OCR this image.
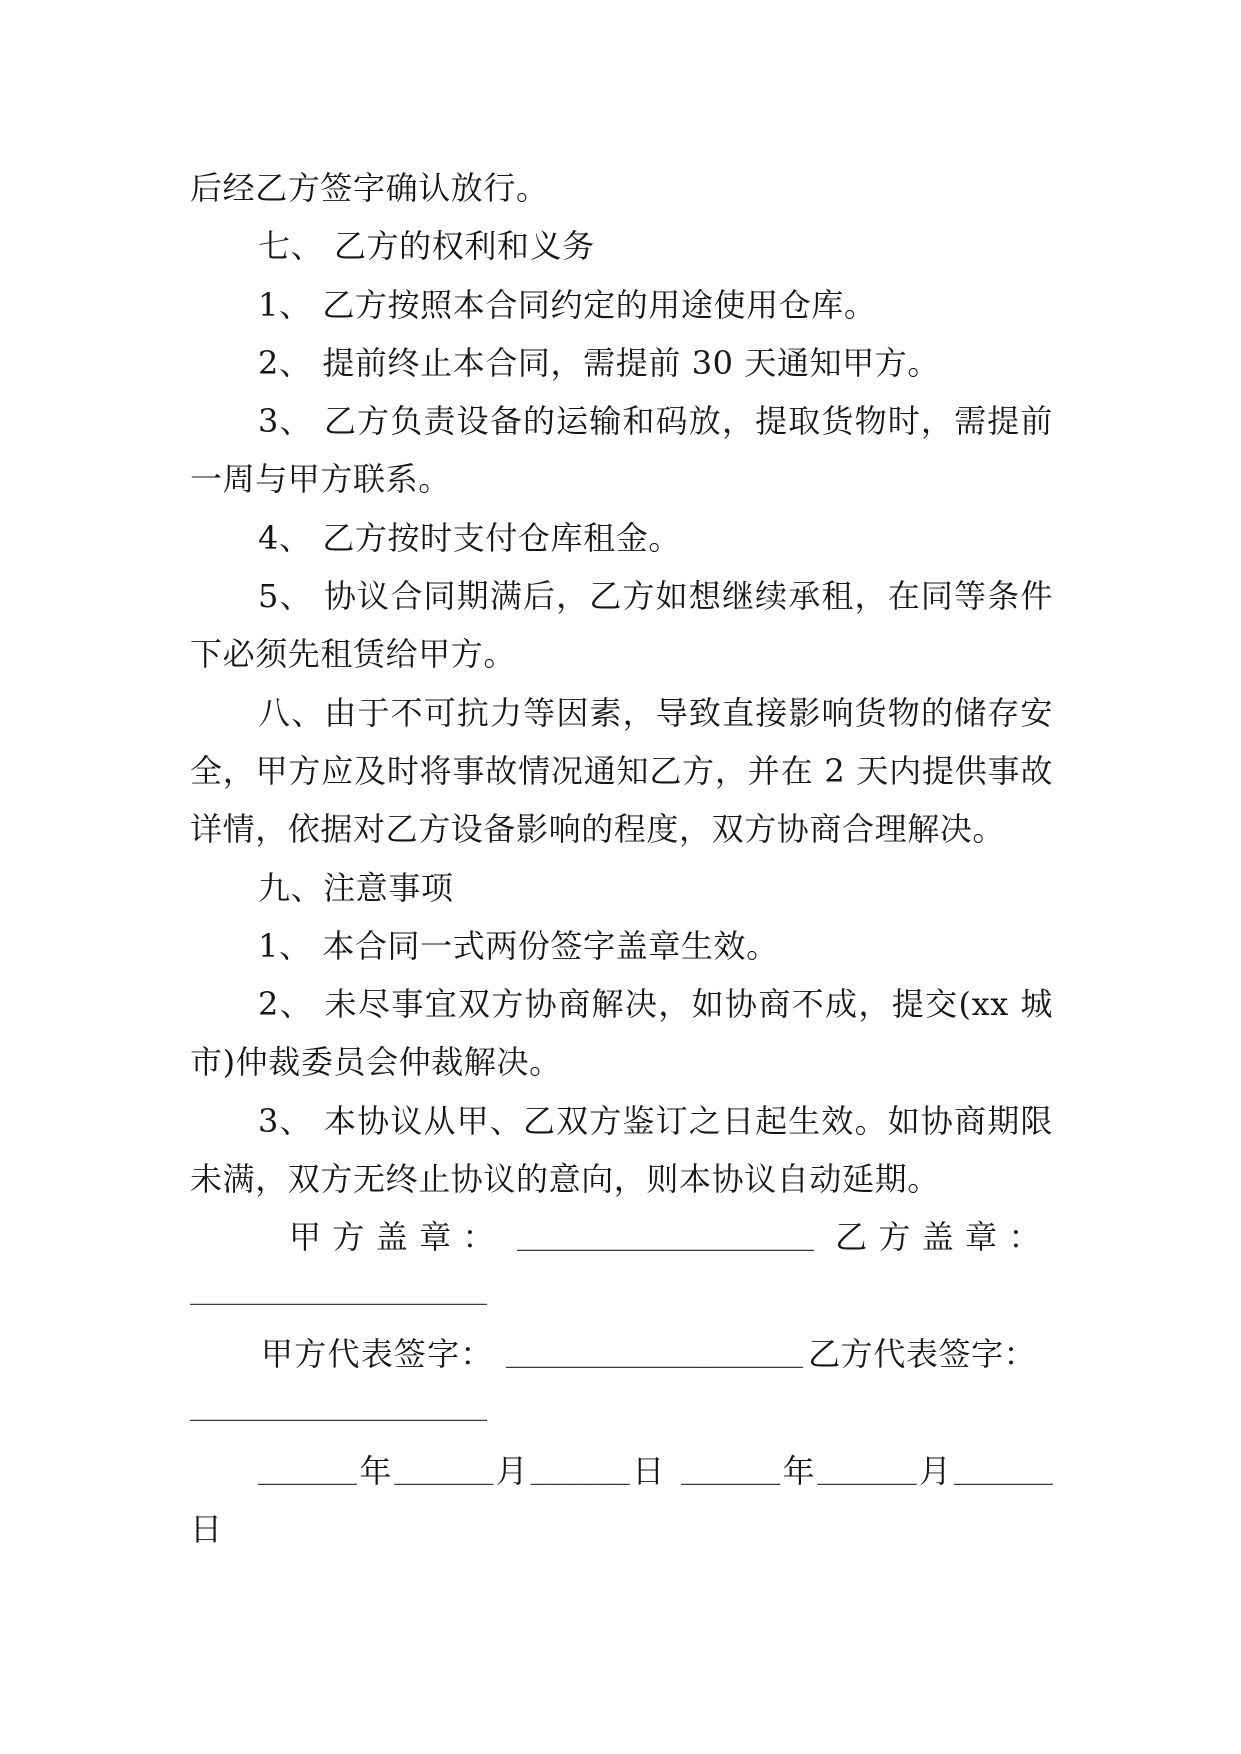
后经乙方签字确认放行。
七、 乙方的权利和义务
1、 乙方按照本合同约定的用途使用仓库。
2、 提前终止本合同，需提前 30 天通知甲方。
3、 乙方负责设备的运输和码放，提取货物时，需提前
一周与甲方联系。
4、 乙方按时支付仓库租金。
5、 协议合同期满后，乙方如想继续承租，在同等条件
下必须先租赁给甲方。
八、由于不可抗力等因素，导致直接影响货物的储存安
全，甲方应及时将事故情况通知乙方，并在 2 天内提供事故
详情，依据对乙方设备影响的程度，双方协商合理解决。
九、注意事项
1、 本合同一式两份签字盖章生效。
2、 未尽事宜双方协商解决，如协商不成，提交(xx 城
市)仲裁委员会仲裁解决。
3、 本协议从甲、乙双方鉴订之日起生效。如协商期限
未满，双方无终止协议的意向，则本协议自动延期。
甲 方 盖 章 ： __________________ 乙 方 盖 章 ：
__________________
甲方代表签字： __________________ 乙方代表签字：
__________________
______ 年 ______ 月 ______ 日 ______ 年 ______ 月 ______
日
